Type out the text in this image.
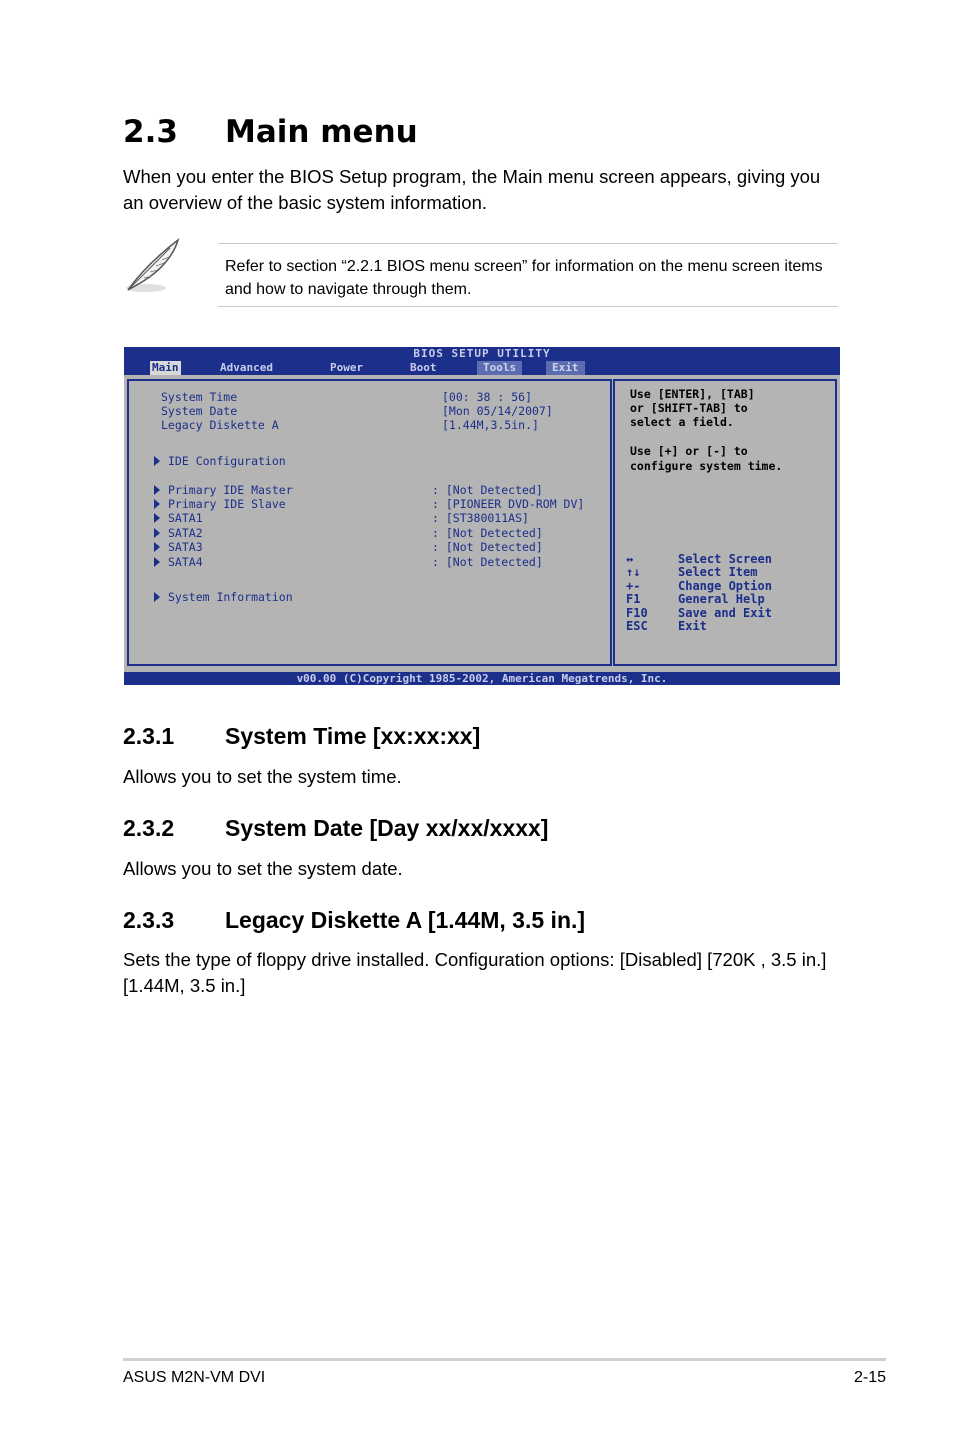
2.3 Main menu
When you enter the BIOS Setup program, the Main menu screen appears, giving you an overview of the basic system information.
Refer to section “2.2.1 BIOS menu screen” for information on the menu screen items and how to navigate through them.
BIOS SETUP UTILITY
Main	Advanced	Power	Boot	Tools	Exit
System Time	[00: 38 : 56]
System Date	[Mon 05/14/2007]
Legacy Diskette A	[1.44M,3.5in.]
IDE Configuration
Primary IDE Master	: [Not Detected]
Primary IDE Slave	: [PIONEER DVD-ROM DV]
SATA1	: [ST380011AS]
SATA2	: [Not Detected]
SATA3	: [Not Detected]
SATA4	: [Not Detected]
System Information
Use [ENTER], [TAB]
or [SHIFT-TAB] to
select a field.
Use [+] or [-] to
configure system time.
↔	Select Screen
↑↓	Select Item
+-	Change Option
F1	General Help
F10	Save and Exit
ESC	Exit
v00.00 (C)Copyright 1985-2002, American Megatrends, Inc.
2.3.1 System Time [xx:xx:xx]
Allows you to set the system time.
2.3.2 System Date [Day xx/xx/xxxx]
Allows you to set the system date.
2.3.3 Legacy Diskette A [1.44M, 3.5 in.]
Sets the type of floppy drive installed. Configuration options: [Disabled] [720K , 3.5 in.] [1.44M, 3.5 in.]
ASUS M2N-VM DVI	2-15
